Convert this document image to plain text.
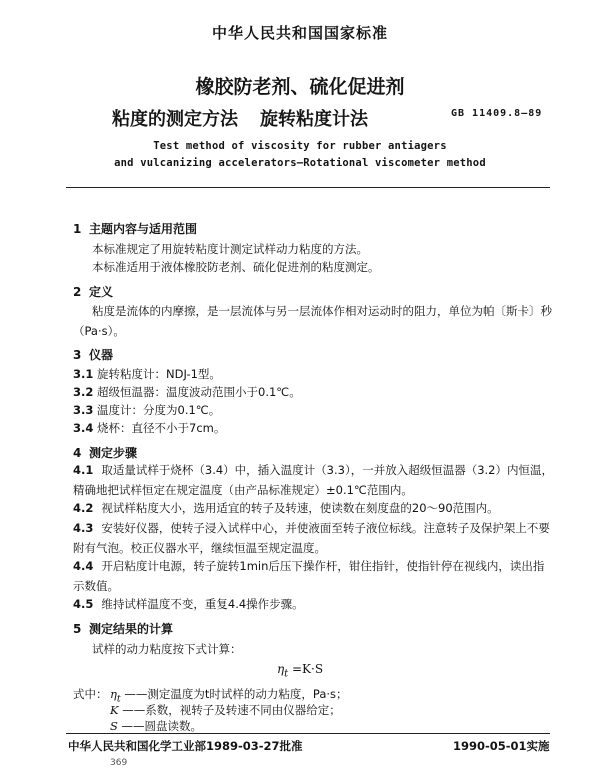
中华人民共和国国家标准
橡胶防老剂、硫化促进剂
粘度的测定方法 旋转粘度计法	GB 11409.8—89
Test method of viscosity for rubber antiagers
and vulcanizing accelerators—Rotational viscometer method
1 主题内容与适用范围
本标准规定了用旋转粘度计测定试样动力粘度的方法。
本标准适用于液体橡胶防老剂、硫化促进剂的粘度测定。
2 定义
粘度是流体的内摩擦，是一层流体与另一层流体作相对运动时的阻力，单位为帕〔斯卡〕秒（Pa·s）。
3 仪器
3.1 旋转粘度计：NDJ-1型。
3.2 超级恒温器：温度波动范围小于0.1℃。
3.3 温度计：分度为0.1℃。
3.4 烧杯：直径不小于7cm。
4 测定步骤
4.1 取适量试样于烧杯（3.4）中，插入温度计（3.3），一并放入超级恒温器（3.2）内恒温，精确地把试样恒定在规定温度（由产品标准规定）±0.1℃范围内。
4.2 视试样粘度大小，选用适宜的转子及转速，使读数在刻度盘的20～90范围内。
4.3 安装好仪器，使转子浸入试样中心，并使液面至转子液位标线。注意转子及保护架上不要附有气泡。校正仪器水平，继续恒温至规定温度。
4.4 开启粘度计电源，转子旋转1min后压下操作杆，钳住指针，使指针停在视线内，读出指示数值。
4.5 维持试样温度不变，重复4.4操作步骤。
5 测定结果的计算
试样的动力粘度按下式计算：
$\eta_t =K\cdot S$
式中： $\eta_t$ ——测定温度为t时试样的动力粘度，Pa·s；
K ——系数，视转子及转速不同由仪器给定；
S ——圆盘读数。
中华人民共和国化学工业部1989-03-27批准	1990-05-01实施
369
